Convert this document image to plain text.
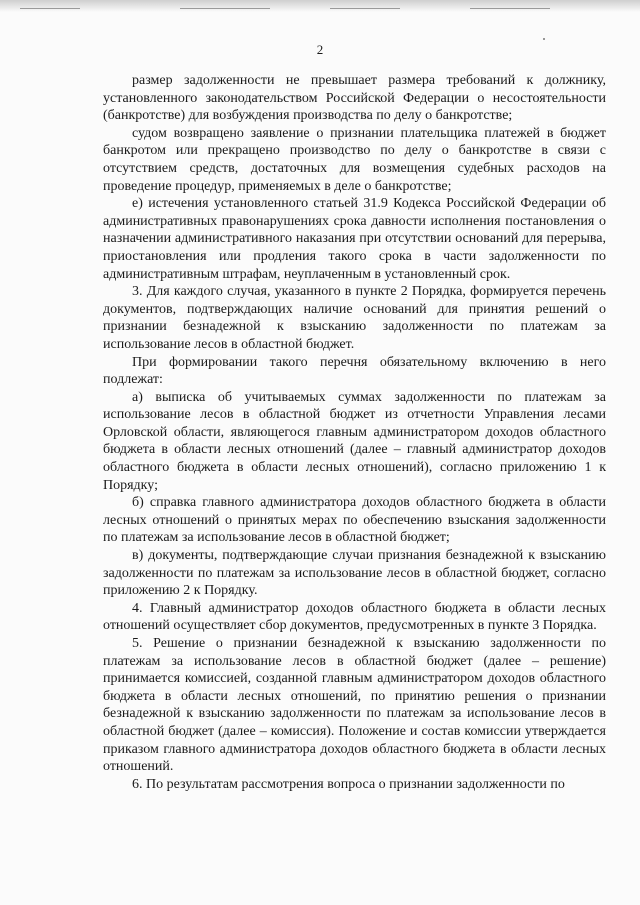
2

размер задолженности не превышает размера требований к должнику, установленного законодательством Российской Федерации о несостоятельности (банкротстве) для возбуждения производства по делу о банкротстве;

судом возвращено заявление о признании плательщика платежей в бюджет банкротом или прекращено производство по делу о банкротстве в связи с отсутствием средств, достаточных для возмещения судебных расходов на проведение процедур, применяемых в деле о банкротстве;

е) истечения установленного статьей 31.9 Кодекса Российской Федерации об административных правонарушениях срока давности исполнения постановления о назначении административного наказания при отсутствии оснований для перерыва, приостановления или продления такого срока в части задолженности по административным штрафам, неуплаченным в установленный срок.

3. Для каждого случая, указанного в пункте 2 Порядка, формируется перечень документов, подтверждающих наличие оснований для принятия решений о признании безнадежной к взысканию задолженности по платежам за использование лесов в областной бюджет.

При формировании такого перечня обязательному включению в него подлежат:

а) выписка об учитываемых суммах задолженности по платежам за использование лесов в областной бюджет из отчетности Управления лесами Орловской области, являющегося главным администратором доходов областного бюджета в области лесных отношений (далее – главный администратор доходов областного бюджета в области лесных отношений), согласно приложению 1 к Порядку;

б) справка главного администратора доходов областного бюджета в области лесных отношений о принятых мерах по обеспечению взыскания задолженности по платежам за использование лесов в областной бюджет;

в) документы, подтверждающие случаи признания безнадежной к взысканию задолженности по платежам за использование лесов в областной бюджет, согласно приложению 2 к Порядку.

4. Главный администратор доходов областного бюджета в области лесных отношений осуществляет сбор документов, предусмотренных в пункте 3 Порядка.

5. Решение о признании безнадежной к взысканию задолженности по платежам за использование лесов в областной бюджет (далее – решение) принимается комиссией, созданной главным администратором доходов областного бюджета в области лесных отношений, по принятию решения о признании безнадежной к взысканию задолженности по платежам за использование лесов в областной бюджет (далее – комиссия). Положение и состав комиссии утверждается приказом главного администратора доходов областного бюджета в области лесных отношений.

6. По результатам рассмотрения вопроса о признании задолженности по
